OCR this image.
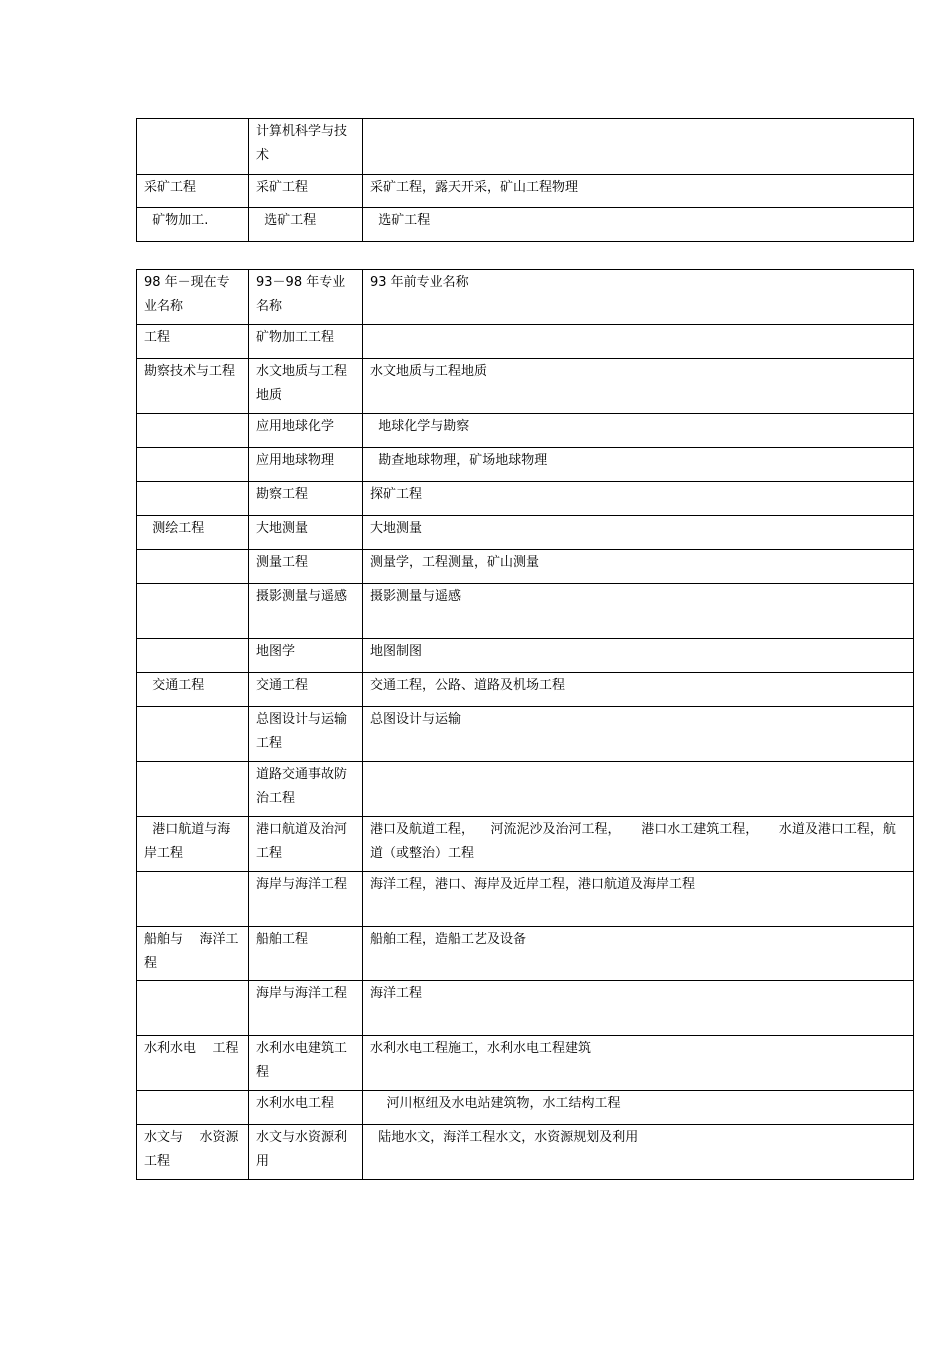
	计算机科学与技术	
采矿工程	采矿工程	采矿工程，露天开采，矿山工程物理
矿物加工.	选矿工程	选矿工程
98 年－现在专业名称	93－98 年专业名称	93 年前专业名称
工程	矿物加工工程	
勘察技术与工程	水文地质与工程地质	水文地质与工程地质
	应用地球化学	地球化学与勘察
	应用地球物理	勘查地球物理，矿场地球物理
	勘察工程	探矿工程
测绘工程	大地测量	大地测量
	测量工程	测量学，工程测量，矿山测量
	摄影测量与遥感	摄影测量与遥感
	地图学	地图制图
交通工程	交通工程	交通工程，公路、道路及机场工程
	总图设计与运输工程	总图设计与运输
	道路交通事故防治工程	
港口航道与海岸工程	港口航道及治河工程	港口及航道工程，    河流泥沙及治河工程，     港口水工建筑工程，     水道及港口工程，航道（或整治）工程
	海岸与海洋工程	海洋工程，港口、海岸及近岸工程，港口航道及海岸工程
船舶与    海洋工程	船舶工程	船舶工程，造船工艺及设备
	海岸与海洋工程	海洋工程
水利水电    工程	水利水电建筑工程	水利水电工程施工，水利水电工程建筑
	水利水电工程	河川枢纽及水电站建筑物，水工结构工程
水文与    水资源工程	水文与水资源利用	陆地水文，海洋工程水文，水资源规划及利用
